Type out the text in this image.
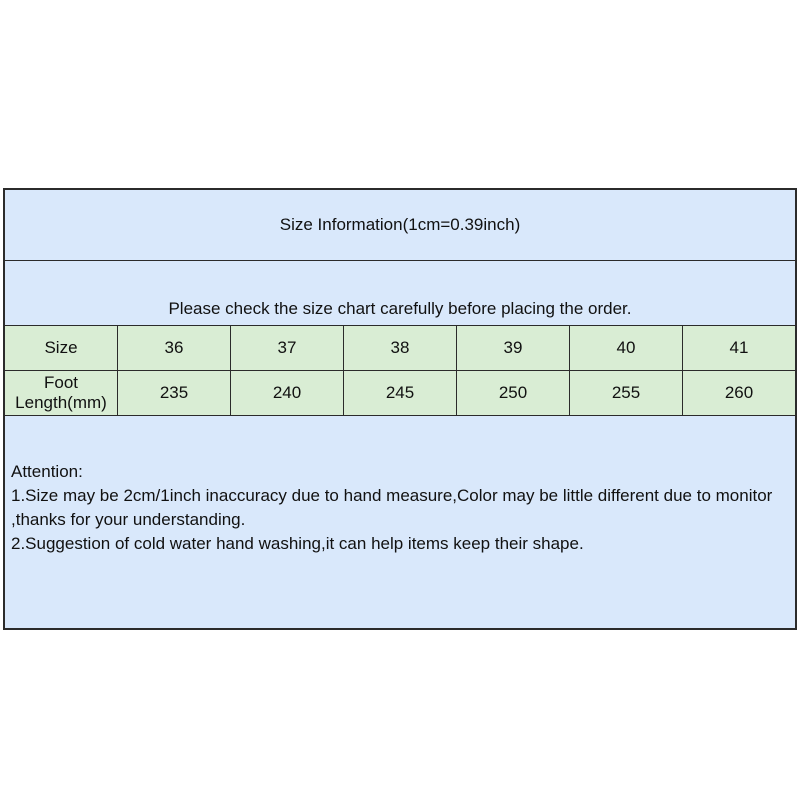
Size Information(1cm=0.39inch)						
Please check the size chart carefully before placing the order.						
Size	36	37	38	39	40	41
Foot Length(mm)	235	240	245	250	255	260

Attention:
1.Size may be 2cm/1inch inaccuracy due to hand measure,Color may be little different due to monitor ,thanks for your understanding.
2.Suggestion of cold water hand washing,it can help items keep their shape.						
